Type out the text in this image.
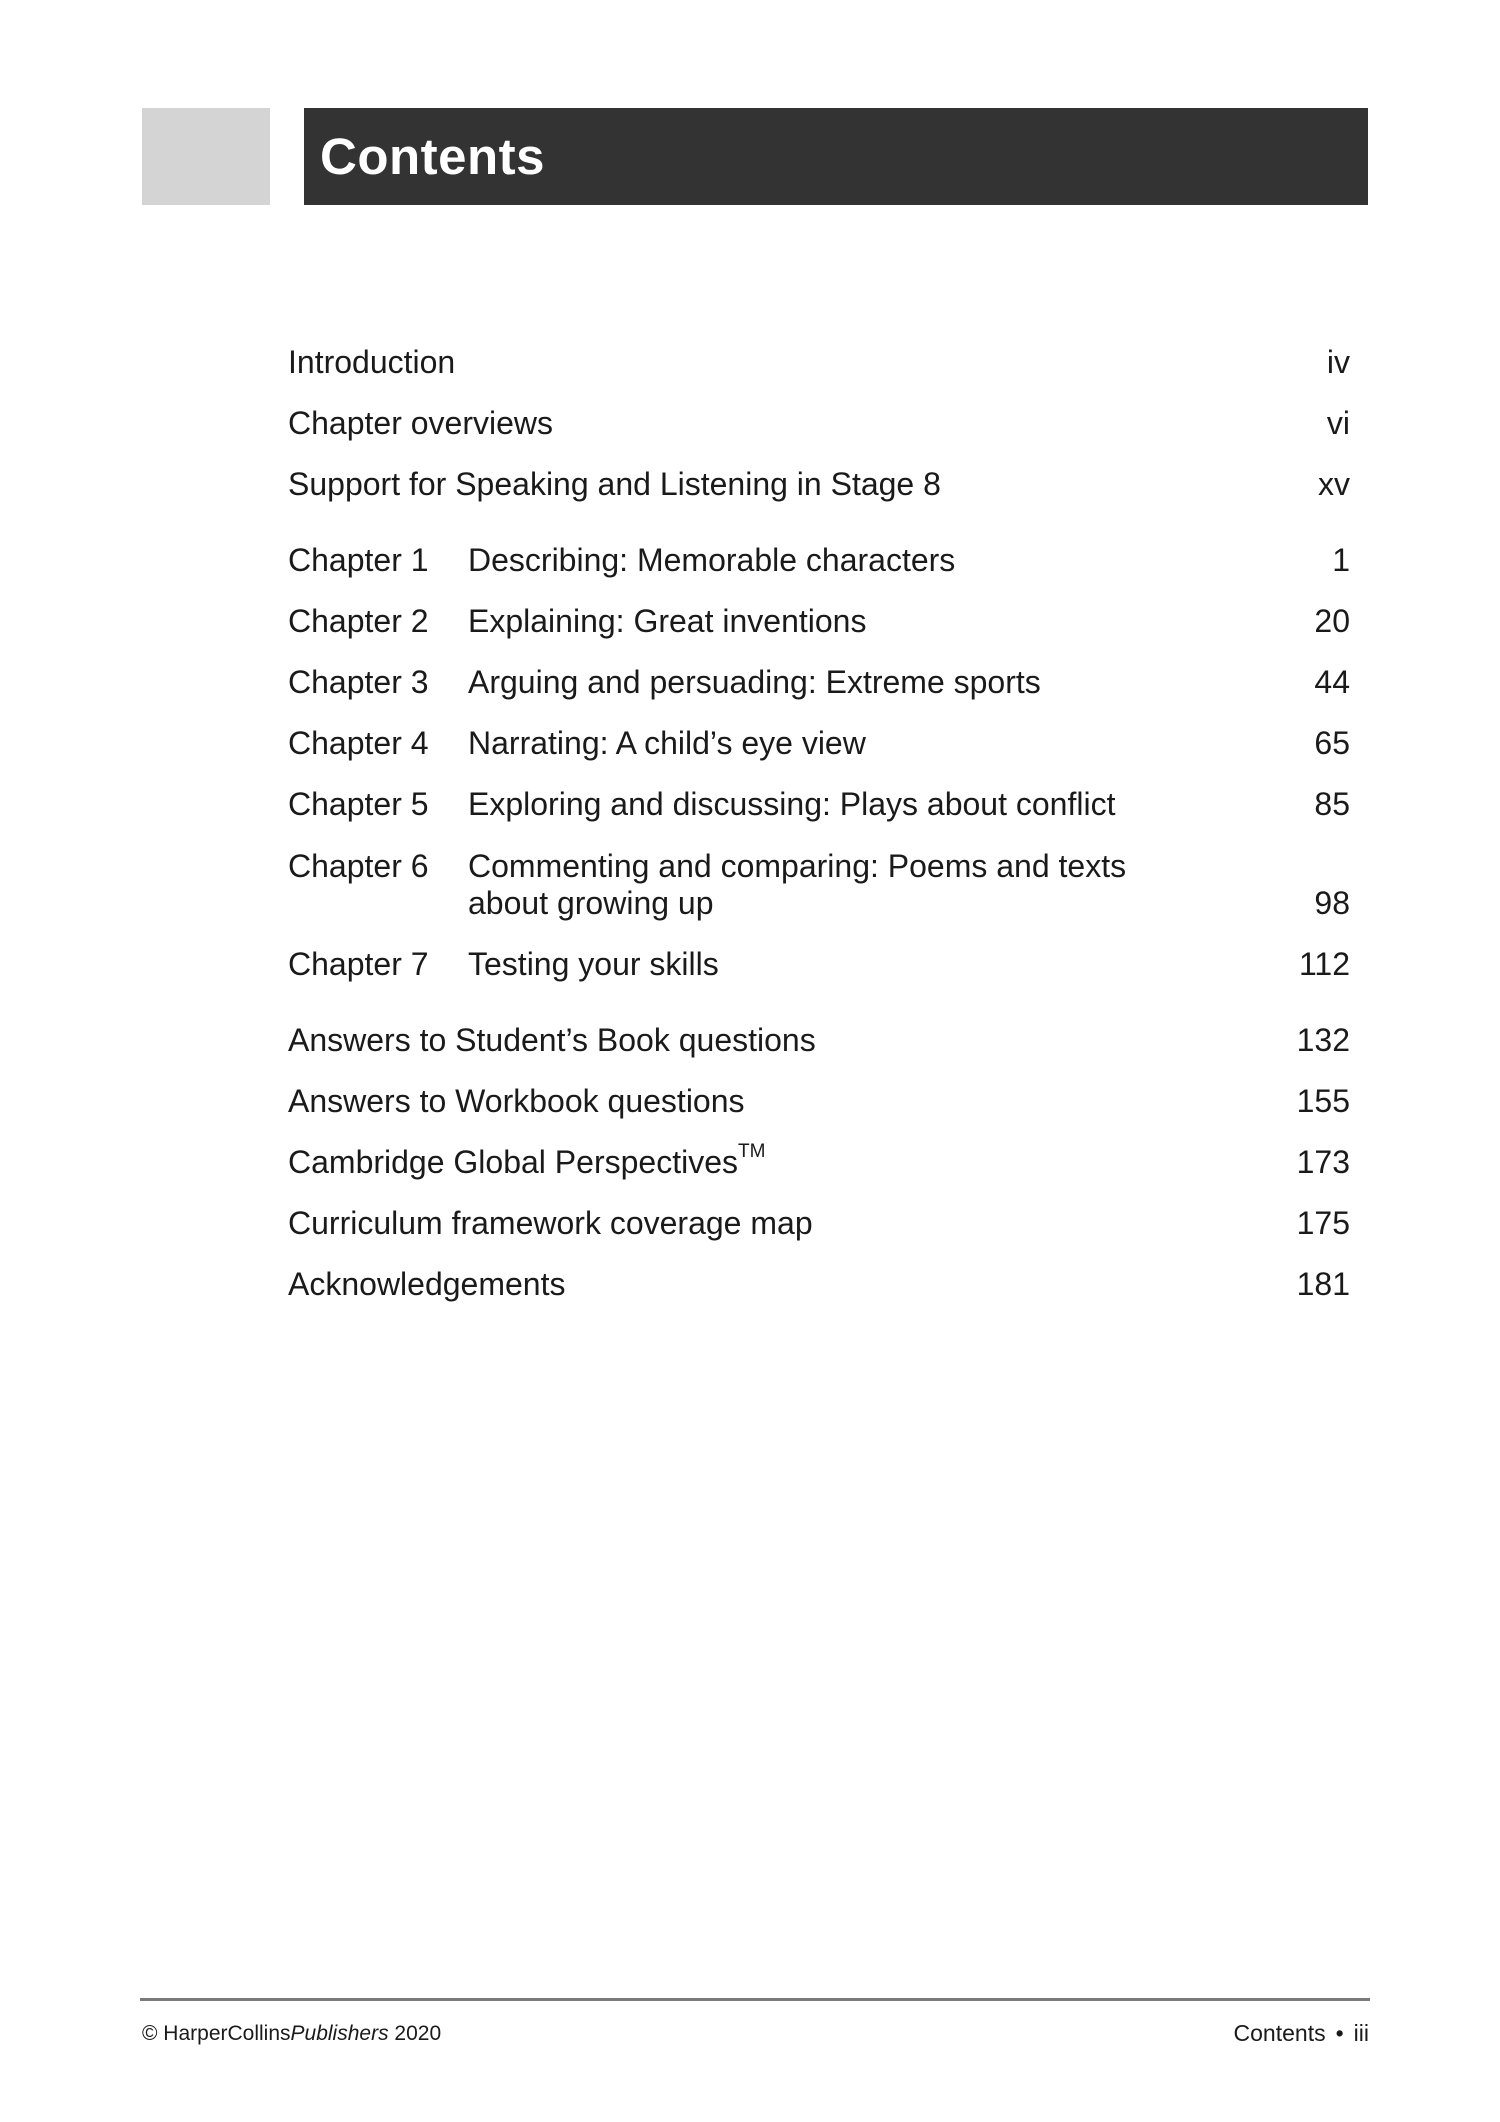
Contents
Introduction	iv
Chapter overviews	vi
Support for Speaking and Listening in Stage 8	xv
Chapter 1 Describing: Memorable characters	1
Chapter 2 Explaining: Great inventions	20
Chapter 3 Arguing and persuading: Extreme sports	44
Chapter 4 Narrating: A child’s eye view	65
Chapter 5 Exploring and discussing: Plays about conflict	85
Chapter 6 Commenting and comparing: Poems and texts
about growing up	98
Chapter 7 Testing your skills	112
Answers to Student’s Book questions	132
Answers to Workbook questions	155
Cambridge Global Perspectives™	173
Curriculum framework coverage map	175
Acknowledgements	181
© HarperCollinsPublishers 2020	Contents • iii
